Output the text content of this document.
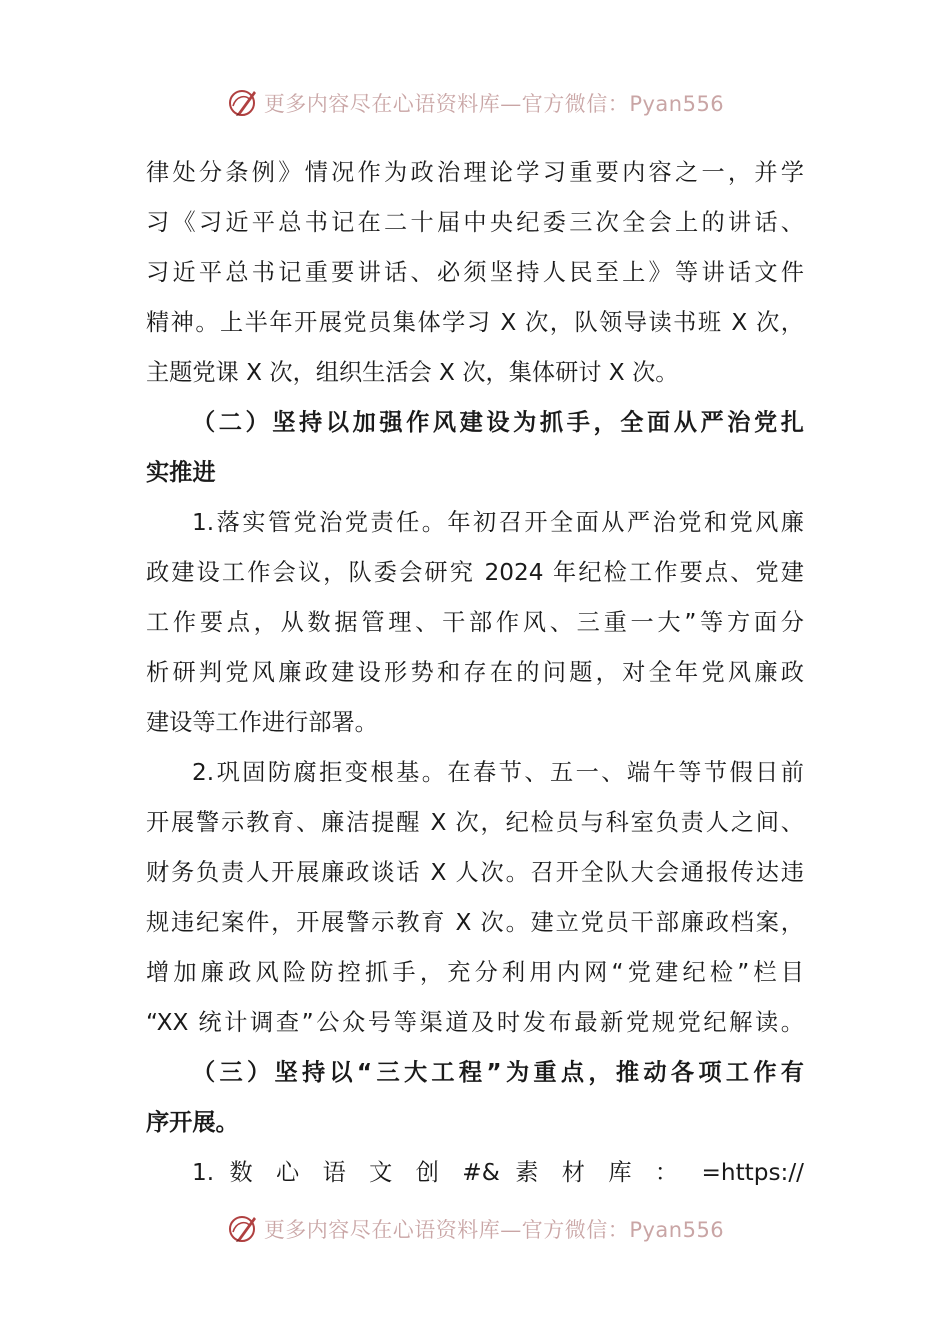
更多内容尽在心语资料库—官方微信：Pyan556
律处分条例》情况作为政治理论学习重要内容之一，并学
习《习近平总书记在二十届中央纪委三次全会上的讲话、
习近平总书记重要讲话、必须坚持人民至上》等讲话文件
精神。上半年开展党员集体学习 X 次，队领导读书班 X 次，
主题党课 X 次，组织生活会 X 次，集体研讨 X 次。
（二）坚持以加强作风建设为抓手，全面从严治党扎
实推进
1.落实管党治党责任。年初召开全面从严治党和党风廉
政建设工作会议，队委会研究 2024 年纪检工作要点、党建
工作要点，从数据管理、干部作风、三重一大”等方面分
析研判党风廉政建设形势和存在的问题，对全年党风廉政
建设等工作进行部署。
2.巩固防腐拒变根基。在春节、五一、端午等节假日前
开展警示教育、廉洁提醒 X 次，纪检员与科室负责人之间、
财务负责人开展廉政谈话 X 人次。召开全队大会通报传达违
规违纪案件，开展警示教育 X 次。建立党员干部廉政档案，
增加廉政风险防控抓手，充分利用内网“党建纪检”栏目
“XX 统计调查”公众号等渠道及时发布最新党规党纪解读。
（三）坚持以“三大工程”为重点，推动各项工作有
序开展。
1. 数 心 语 文 创 #& 素 材 库 ： =https://
更多内容尽在心语资料库—官方微信：Pyan556
